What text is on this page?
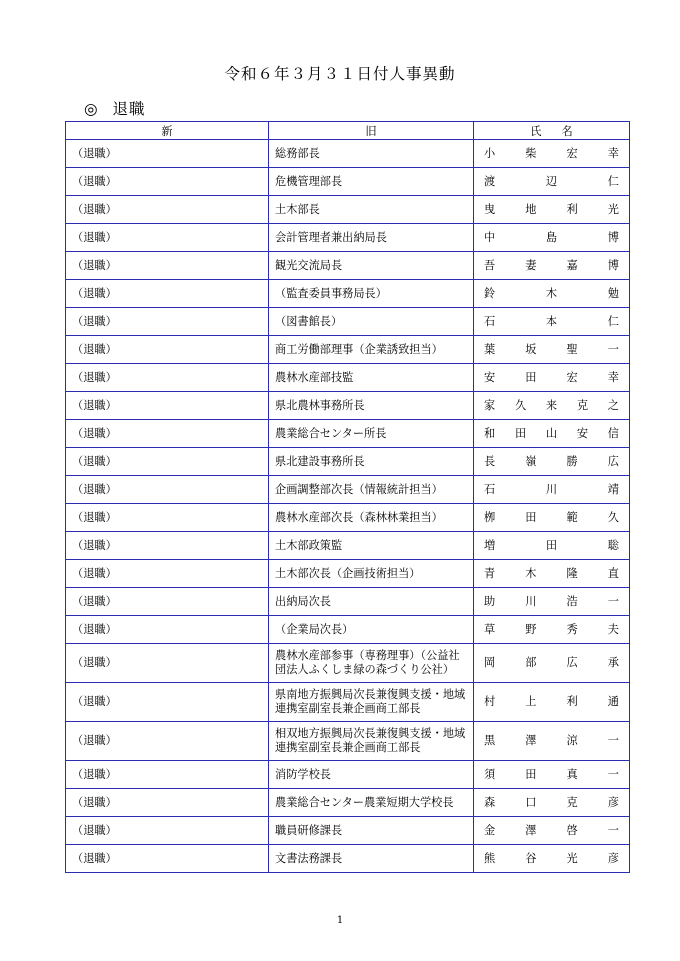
令和６年３月３１日付人事異動
◎ 退職
新	旧	氏名
（退職）	総務部長	小 柴 宏 幸

（退職）	危機管理部長	渡 辺 仁

（退職）	土木部長	曳 地 利 光

（退職）	会計管理者兼出納局長	中 島 博

（退職）	観光交流局長	吾 妻 嘉 博

（退職）	（監査委員事務局長）	鈴 木 勉

（退職）	（図書館長）	石 本 仁

（退職）	商工労働部理事（企業誘致担当）	葉 坂 聖 一

（退職）	農林水産部技監	安 田 宏 幸

（退職）	県北農林事務所長	家 久 来 克 之

（退職）	農業総合センター所長	和 田 山 安 信

（退職）	県北建設事務所長	長 嶺 勝 広

（退職）	企画調整部次長（情報統計担当）	石 川 靖

（退職）	農林水産部次長（森林林業担当）	栁 田 範 久

（退職）	土木部政策監	増 田 聡

（退職）	土木部次長（企画技術担当）	青 木 隆 直

（退職）	出納局次長	助 川 浩 一

（退職）	（企業局次長）	草 野 秀 夫

（退職）	農林水産部参事（専務理事）（公益社団法人ふくしま緑の森づくり公社）	岡 部 広 承

（退職）	県南地方振興局次長兼復興支援・地域連携室副室長兼企画商工部長	村 上 利 通

（退職）	相双地方振興局次長兼復興支援・地域連携室副室長兼企画商工部長	黒 澤 涼 一

（退職）	消防学校長	須 田 真 一

（退職）	農業総合センター農業短期大学校長	森 口 克 彦

（退職）	職員研修課長	金 澤 啓 一

（退職）	文書法務課長	熊 谷 光 彦
1
